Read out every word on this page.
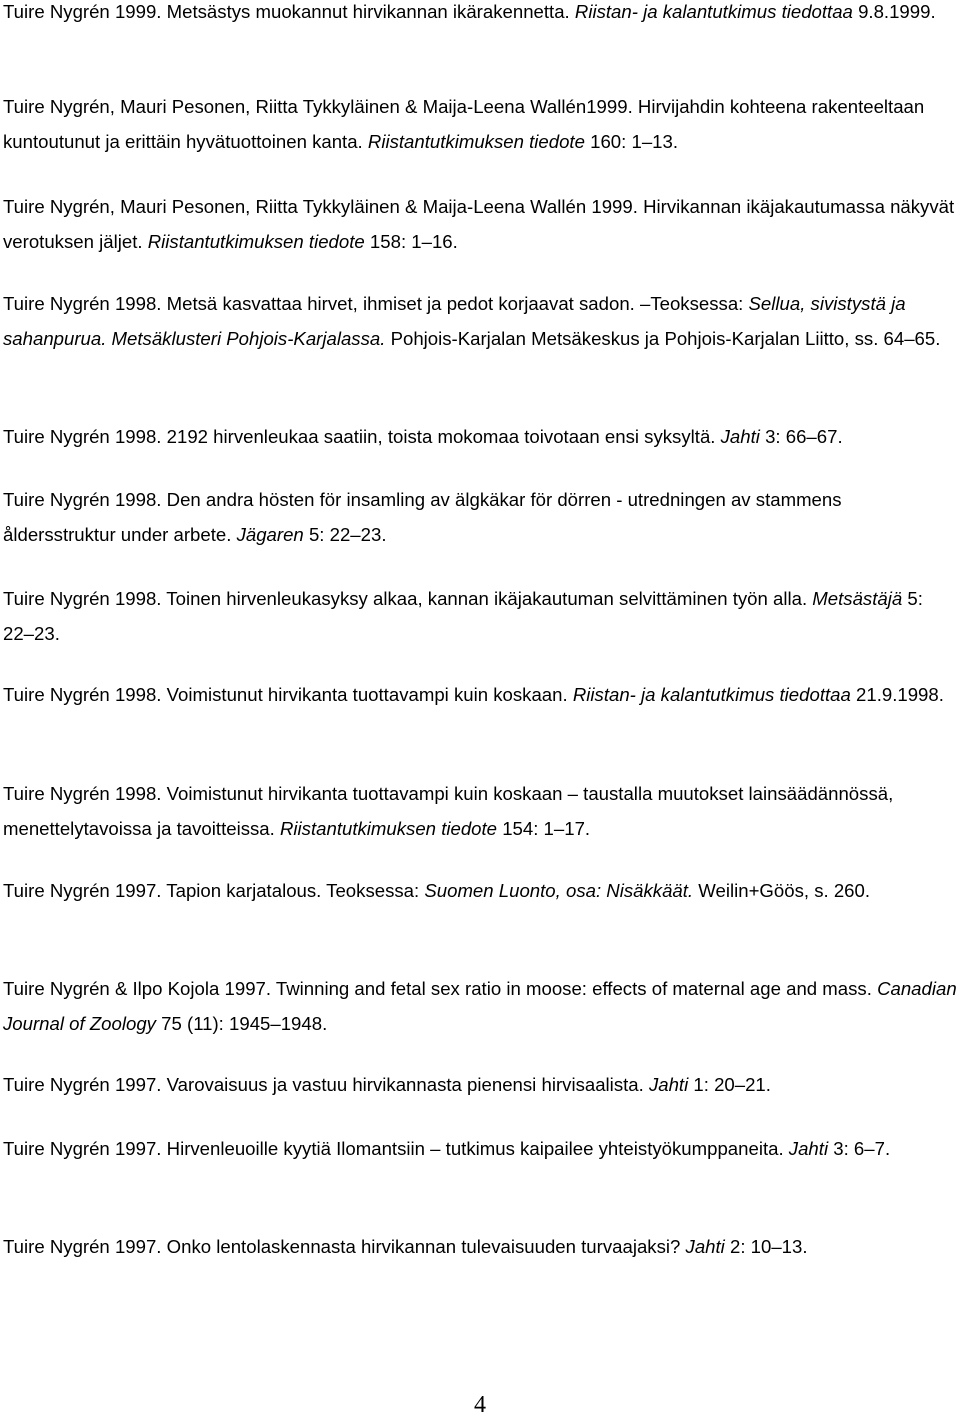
Tuire Nygrén 1999. Metsästys muokannut hirvikannan ikärakennetta. Riistan- ja kalantutkimus tiedottaa 9.8.1999.

Tuire Nygrén, Mauri Pesonen, Riitta Tykkyläinen & Maija-Leena Wallén1999. Hirvijahdin kohteena rakenteeltaan kuntoutunut ja erittäin hyvätuottoinen kanta. Riistantutkimuksen tiedote 160: 1–13.

Tuire Nygrén, Mauri Pesonen, Riitta Tykkyläinen & Maija-Leena Wallén 1999. Hirvikannan ikäjakautumassa näkyvät verotuksen jäljet. Riistantutkimuksen tiedote 158: 1–16.

Tuire Nygrén 1998. Metsä kasvattaa hirvet, ihmiset ja pedot korjaavat sadon. –Teoksessa: Sellua, sivistystä ja sahanpurua. Metsäklusteri Pohjois-Karjalassa. Pohjois-Karjalan Metsäkeskus ja Pohjois-Karjalan Liitto, ss. 64–65.

Tuire Nygrén 1998. 2192 hirvenleukaa saatiin, toista mokomaa toivotaan ensi syksyltä. Jahti 3: 66–67.

Tuire Nygrén 1998. Den andra hösten för insamling av älgkäkar för dörren - utredningen av stammens åldersstruktur under arbete. Jägaren 5: 22–23.

Tuire Nygrén 1998. Toinen hirvenleukasyksy alkaa, kannan ikäjakautuman selvittäminen työn alla. Metsästäjä 5: 22–23.

Tuire Nygrén 1998. Voimistunut hirvikanta tuottavampi kuin koskaan. Riistan- ja kalantutkimus tiedottaa 21.9.1998.

Tuire Nygrén 1998. Voimistunut hirvikanta tuottavampi kuin koskaan – taustalla muutokset lainsäädännössä, menettelytavoissa ja tavoitteissa. Riistantutkimuksen tiedote 154: 1–17.

Tuire Nygrén 1997. Tapion karjatalous. Teoksessa: Suomen Luonto, osa: Nisäkkäät. Weilin+Göös, s. 260.

Tuire Nygrén & Ilpo Kojola 1997. Twinning and fetal sex ratio in moose: effects of maternal age and mass. Canadian Journal of Zoology 75 (11): 1945–1948.

Tuire Nygrén 1997. Varovaisuus ja vastuu hirvikannasta pienensi hirvisaalista. Jahti 1: 20–21.

Tuire Nygrén 1997. Hirvenleuoille kyytiä Ilomantsiin – tutkimus kaipailee yhteistyökumppaneita. Jahti 3: 6–7.

Tuire Nygrén 1997. Onko lentolaskennasta hirvikannan tulevaisuuden turvaajaksi? Jahti 2: 10–13.

4
